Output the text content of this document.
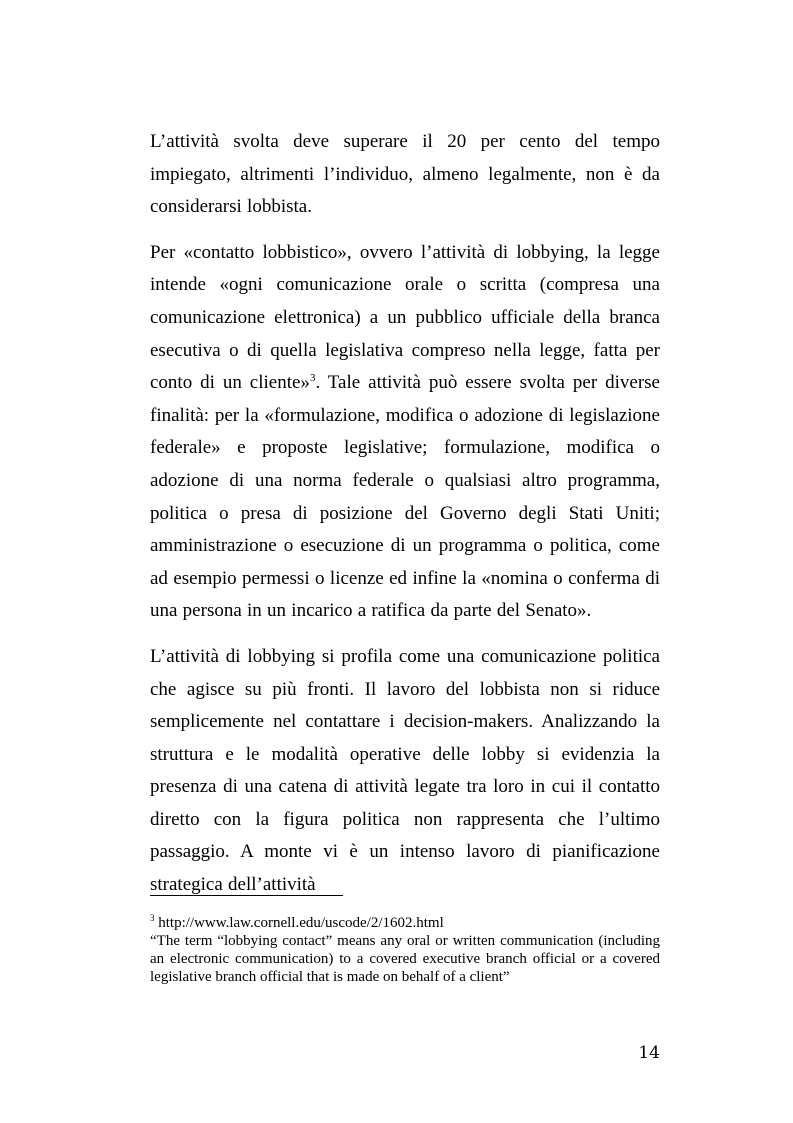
L’attività svolta deve superare il 20 per cento del tempo impiegato, altrimenti l’individuo, almeno legalmente, non è da considerarsi lobbista.

Per «contatto lobbistico», ovvero l’attività di lobbying, la legge intende «ogni comunicazione orale o scritta (compresa una comunicazione elettronica) a un pubblico ufficiale della branca esecutiva o di quella legislativa compreso nella legge, fatta per conto di un cliente»$^3$. Tale attività può essere svolta per diverse finalità: per la «formulazione, modifica o adozione di legislazione federale» e proposte legislative; formulazione, modifica o adozione di una norma federale o qualsiasi altro programma, politica o presa di posizione del Governo degli Stati Uniti; amministrazione o esecuzione di un programma o politica, come ad esempio permessi o licenze ed infine la «nomina o conferma di una persona in un incarico a ratifica da parte del Senato».

L’attività di lobbying si profila come una comunicazione politica che agisce su più fronti. Il lavoro del lobbista non si riduce semplicemente nel contattare i decision-makers. Analizzando la struttura e le modalità operative delle lobby si evidenzia la presenza di una catena di attività legate tra loro in cui il contatto diretto con la figura politica non rappresenta che l’ultimo passaggio. A monte vi è un intenso lavoro di pianificazione strategica dell’attività

$^3$ http://www.law.cornell.edu/uscode/2/1602.html

“The term “lobbying contact” means any oral or written communication (including an electronic communication) to a covered executive branch official or a covered legislative branch official that is made on behalf of a client”

14
